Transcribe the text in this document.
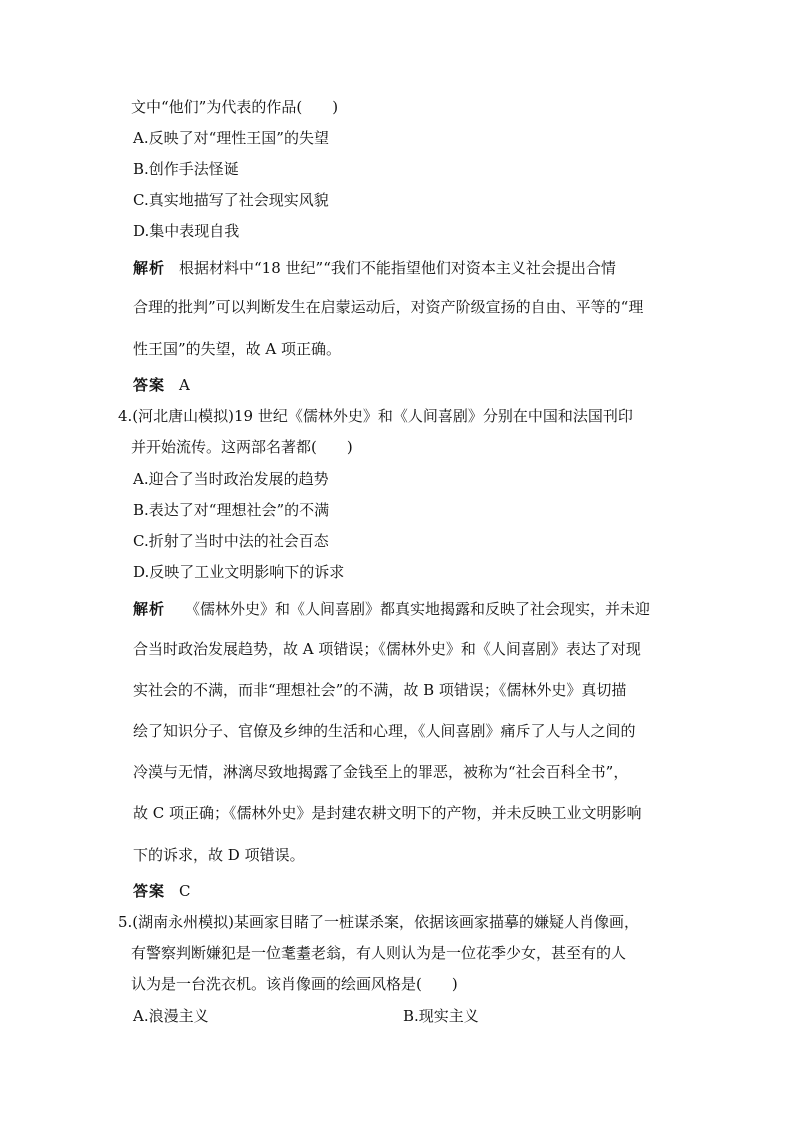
文中“他们”为代表的作品(　　)
A.反映了对“理性王国”的失望
B.创作手法怪诞
C.真实地描写了社会现实风貌
D.集中表现自我
解析 根据材料中“18 世纪”“我们不能指望他们对资本主义社会提出合情
合理的批判”可以判断发生在启蒙运动后，对资产阶级宣扬的自由、平等的“理
性王国”的失望，故 A 项正确。
答案 A
4.(河北唐山模拟)19 世纪《儒林外史》和《人间喜剧》分别在中国和法国刊印
并开始流传。这两部名著都(　　)
A.迎合了当时政治发展的趋势
B.表达了对“理想社会”的不满
C.折射了当时中法的社会百态
D.反映了工业文明影响下的诉求
解析 《儒林外史》和《人间喜剧》都真实地揭露和反映了社会现实，并未迎
合当时政治发展趋势，故 A 项错误；《儒林外史》和《人间喜剧》表达了对现
实社会的不满，而非“理想社会”的不满，故 B 项错误；《儒林外史》真切描
绘了知识分子、官僚及乡绅的生活和心理，《人间喜剧》痛斥了人与人之间的
冷漠与无情，淋漓尽致地揭露了金钱至上的罪恶，被称为“社会百科全书”，
故 C 项正确；《儒林外史》是封建农耕文明下的产物，并未反映工业文明影响
下的诉求，故 D 项错误。
答案 C
5.(湖南永州模拟)某画家目睹了一桩谋杀案，依据该画家描摹的嫌疑人肖像画，
有警察判断嫌犯是一位耄耋老翁，有人则认为是一位花季少女，甚至有的人
认为是一台洗衣机。该肖像画的绘画风格是(　　)
A.浪漫主义	B.现实主义
